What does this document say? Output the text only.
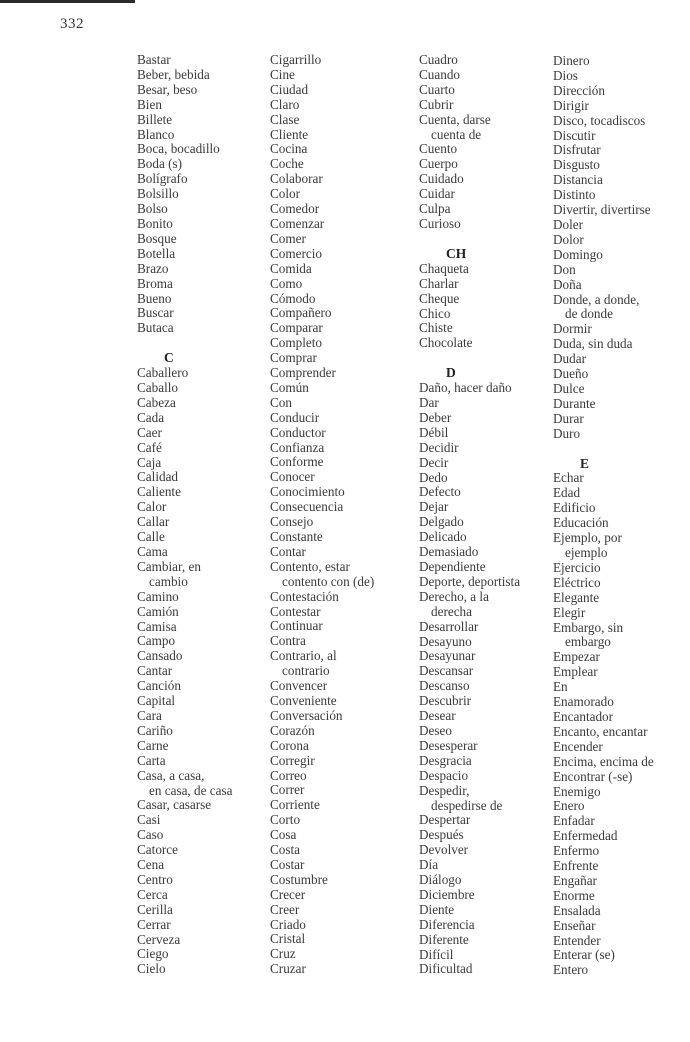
332
Bastar
Beber, bebida
Besar, beso
Bien
Billete
Blanco
Boca, bocadillo
Boda (s)
Bolígrafo
Bolsillo
Bolso
Bonito
Bosque
Botella
Brazo
Broma
Bueno
Buscar
Butaca
C
Caballero
Caballo
Cabeza
Cada
Caer
Café
Caja
Calidad
Caliente
Calor
Callar
Calle
Cama
Cambiar, en
cambio
Camino
Camión
Camisa
Campo
Cansado
Cantar
Canción
Capital
Cara
Cariño
Carne
Carta
Casa, a casa,
en casa, de casa
Casar, casarse
Casi
Caso
Catorce
Cena
Centro
Cerca
Cerilla
Cerrar
Cerveza
Ciego
Cielo
Cigarrillo
Cine
Ciudad
Claro
Clase
Cliente
Cocina
Coche
Colaborar
Color
Comedor
Comenzar
Comer
Comercio
Comida
Como
Cómodo
Compañero
Comparar
Completo
Comprar
Comprender
Común
Con
Conducir
Conductor
Confianza
Conforme
Conocer
Conocimiento
Consecuencia
Consejo
Constante
Contar
Contento, estar
contento con (de)
Contestación
Contestar
Continuar
Contra
Contrario, al
contrario
Convencer
Conveniente
Conversación
Corazón
Corona
Corregir
Correo
Correr
Corriente
Corto
Cosa
Costa
Costar
Costumbre
Crecer
Creer
Criado
Cristal
Cruz
Cruzar
Cuadro
Cuando
Cuarto
Cubrir
Cuenta, darse
cuenta de
Cuento
Cuerpo
Cuidado
Cuidar
Culpa
Curioso
CH
Chaqueta
Charlar
Cheque
Chico
Chiste
Chocolate
D
Daño, hacer daño
Dar
Deber
Débil
Decidir
Decir
Dedo
Defecto
Dejar
Delgado
Delicado
Demasiado
Dependiente
Deporte, deportista
Derecho, a la
derecha
Desarrollar
Desayuno
Desayunar
Descansar
Descanso
Descubrir
Desear
Deseo
Desesperar
Desgracia
Despacio
Despedir,
despedirse de
Despertar
Después
Devolver
Día
Diálogo
Diciembre
Diente
Diferencia
Diferente
Difícil
Dificultad
Dinero
Dios
Dirección
Dirigir
Disco, tocadiscos
Discutir
Disfrutar
Disgusto
Distancia
Distinto
Divertir, divertirse
Doler
Dolor
Domingo
Don
Doña
Donde, a donde,
de donde
Dormir
Duda, sin duda
Dudar
Dueño
Dulce
Durante
Durar
Duro
E
Echar
Edad
Edificio
Educación
Ejemplo, por
ejemplo
Ejercicio
Eléctrico
Elegante
Elegir
Embargo, sin
embargo
Empezar
Emplear
En
Enamorado
Encantador
Encanto, encantar
Encender
Encima, encima de
Encontrar (-se)
Enemigo
Enero
Enfadar
Enfermedad
Enfermo
Enfrente
Engañar
Enorme
Ensalada
Enseñar
Entender
Enterar (se)
Entero
